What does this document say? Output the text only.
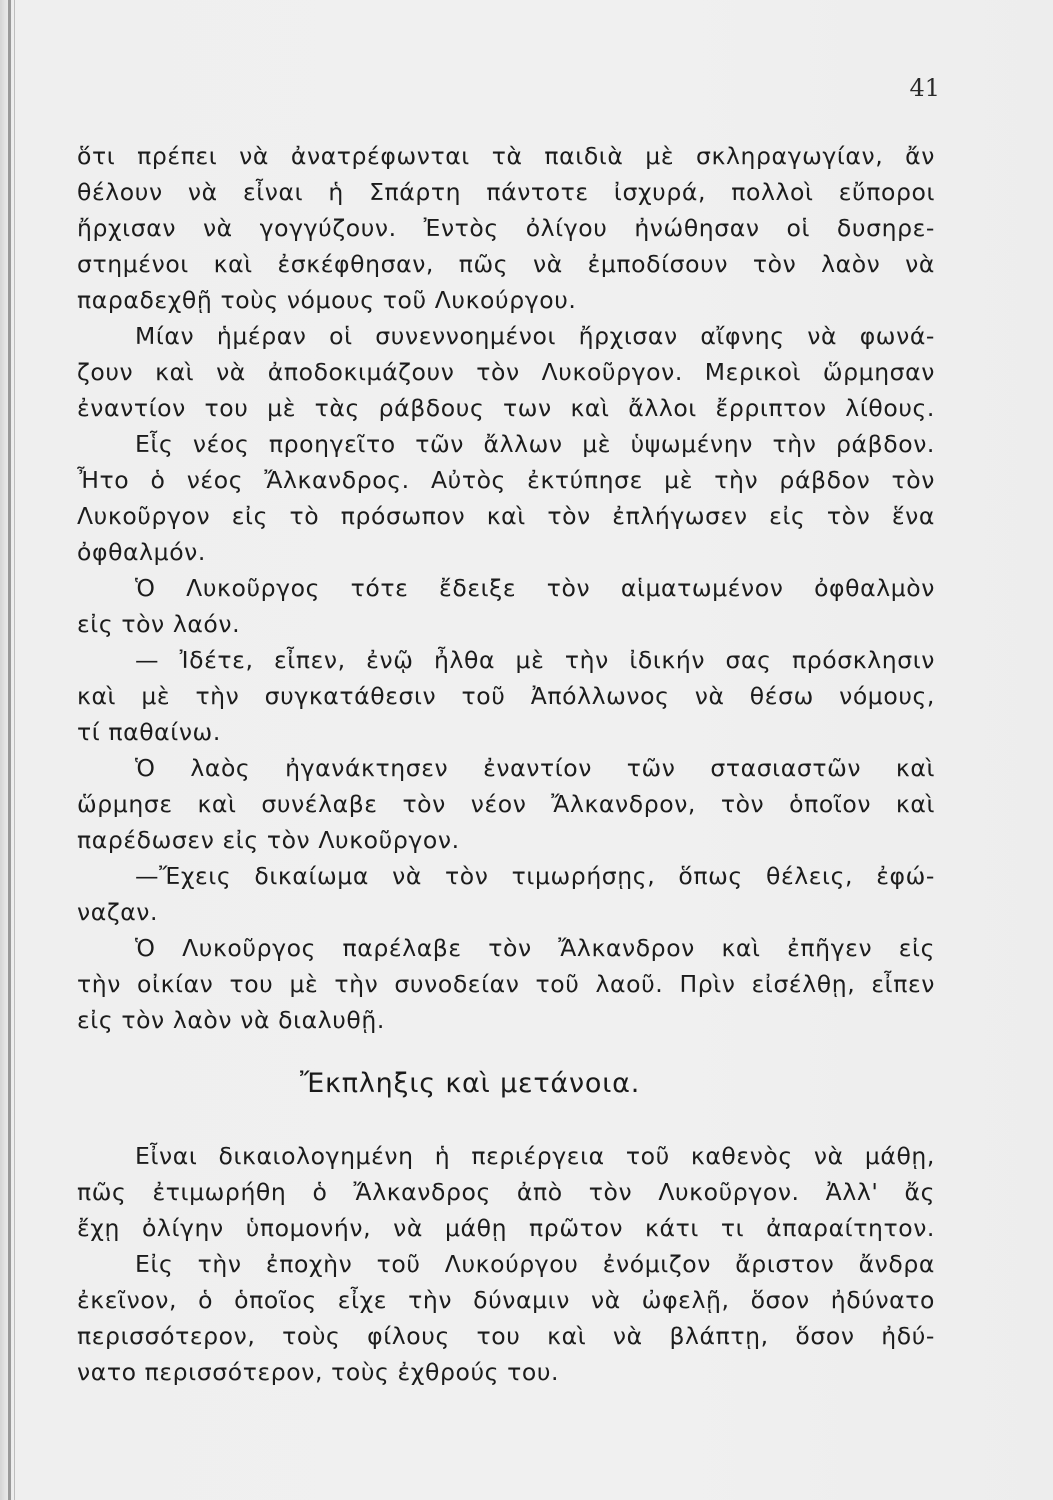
41
ὅτι πρέπει νὰ ἀνατρέφωνται τὰ παιδιὰ μὲ σκληραγωγίαν, ἄν
θέλουν νὰ εἶναι ἡ Σπάρτη πάντοτε ἰσχυρά, πολλοὶ εὔποροι
ἤρχισαν νὰ γογγύζουν. Ἐντὸς ὀλίγου ἠνώθησαν οἱ δυσηρε-
στημένοι καὶ ἐσκέφθησαν, πῶς νὰ ἐμποδίσουν τὸν λαὸν νὰ
παραδεχθῇ τοὺς νόμους τοῦ Λυκούργου.
Μίαν ἡμέραν οἱ συνεννοημένοι ἤρχισαν αἴφνης νὰ φωνά-
ζουν καὶ νὰ ἀποδοκιμάζουν τὸν Λυκοῦργον. Μερικοὶ ὥρμησαν
ἐναντίον του μὲ τὰς ράβδους των καὶ ἄλλοι ἔρριπτον λίθους.
Εἷς νέος προηγεῖτο τῶν ἄλλων μὲ ὑψωμένην τὴν ράβδον.
Ἦτο ὁ νέος Ἄλκανδρος. Αὐτὸς ἐκτύπησε μὲ τὴν ράβδον τὸν
Λυκοῦργον εἰς τὸ πρόσωπον καὶ τὸν ἐπλήγωσεν εἰς τὸν ἕνα
ὀφθαλμόν.
Ὁ Λυκοῦργος τότε ἔδειξε τὸν αἱματωμένον ὀφθαλμὸν
εἰς τὸν λαόν.
— Ἰδέτε, εἶπεν, ἐνῷ ἦλθα μὲ τὴν ἰδικήν σας πρόσκλησιν
καὶ μὲ τὴν συγκατάθεσιν τοῦ Ἀπόλλωνος νὰ θέσω νόμους,
τί παθαίνω.
Ὁ λαὸς ἠγανάκτησεν ἐναντίον τῶν στασιαστῶν καὶ
ὥρμησε καὶ συνέλαβε τὸν νέον Ἄλκανδρον, τὸν ὁποῖον καὶ
παρέδωσεν εἰς τὸν Λυκοῦργον.
—Ἔχεις δικαίωμα νὰ τὸν τιμωρήσῃς, ὅπως θέλεις, ἐφώ-
ναζαν.
Ὁ Λυκοῦργος παρέλαβε τὸν Ἄλκανδρον καὶ ἐπῆγεν εἰς
τὴν οἰκίαν του μὲ τὴν συνοδείαν τοῦ λαοῦ. Πρὶν εἰσέλθῃ, εἶπεν
εἰς τὸν λαὸν νὰ διαλυθῇ.
Ἔκπληξις καὶ μετάνοια.
Εἶναι δικαιολογημένη ἡ περιέργεια τοῦ καθενὸς νὰ μάθῃ,
πῶς ἐτιμωρήθη ὁ Ἄλκανδρος ἀπὸ τὸν Λυκοῦργον. Ἀλλ' ἄς
ἔχῃ ὀλίγην ὑπομονήν, νὰ μάθῃ πρῶτον κάτι τι ἀπαραίτητον.
Εἰς τὴν ἐποχὴν τοῦ Λυκούργου ἐνόμιζον ἄριστον ἄνδρα
ἐκεῖνον, ὁ ὁποῖος εἶχε τὴν δύναμιν νὰ ὠφελῇ, ὅσον ἠδύνατο
περισσότερον, τοὺς φίλους του καὶ νὰ βλάπτῃ, ὅσον ἠδύ-
νατο περισσότερον, τοὺς ἐχθρούς του.
